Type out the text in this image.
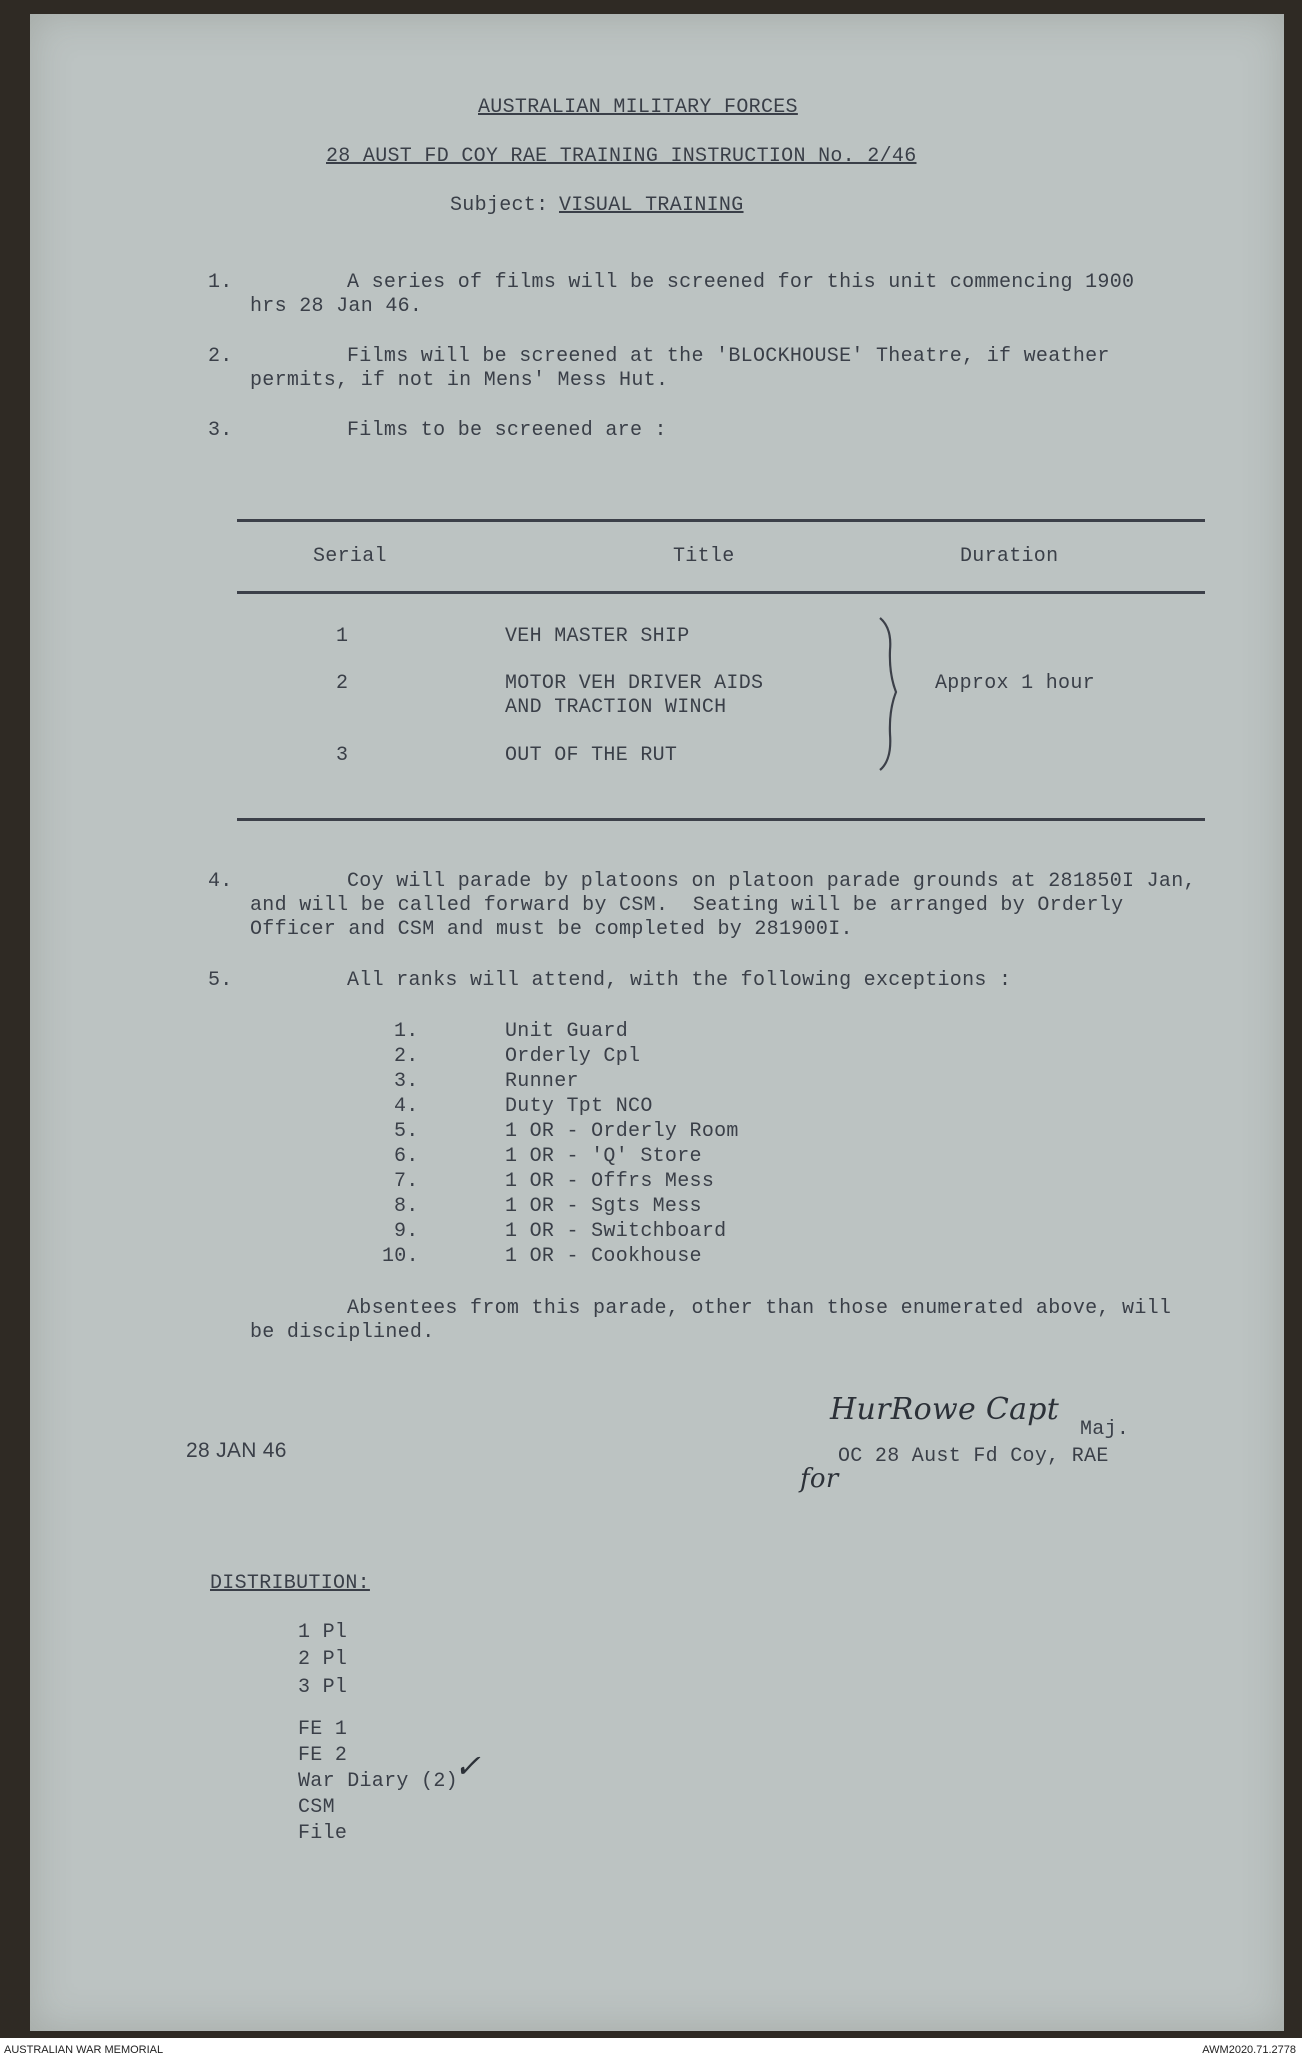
AUSTRALIAN MILITARY FORCES
28 AUST FD COY RAE TRAINING INSTRUCTION No. 2/46
Subject: VISUAL TRAINING
1.	A series of films will be screened for this unit commencing 1900
hrs 28 Jan 46.
2.	Films will be screened at the 'BLOCKHOUSE' Theatre, if weather
permits, if not in Mens' Mess Hut.
3.	Films to be screened are :
Serial	Title	Duration
1	VEH MASTER SHIP
2	MOTOR VEH DRIVER AIDS
AND TRACTION WINCH
3	OUT OF THE RUT
Approx 1 hour
4.	Coy will parade by platoons on platoon parade grounds at 281850I Jan,
and will be called forward by CSM.  Seating will be arranged by Orderly
Officer and CSM and must be completed by 281900I.
5.	All ranks will attend, with the following exceptions :
1.	Unit Guard
2.	Orderly Cpl
3.	Runner
4.	Duty Tpt NCO
5.	1 OR - Orderly Room
6.	1 OR - 'Q' Store
7.	1 OR - Offrs Mess
8.	1 OR - Sgts Mess
9.	1 OR - Switchboard
10.	1 OR - Cookhouse
Absentees from this parade, other than those enumerated above, will
be disciplined.
28 JAN 46
HurRowe Capt
Maj.
OC 28 Aust Fd Coy, RAE
for
DISTRIBUTION:
1 Pl
2 Pl
3 Pl
FE 1
FE 2
War Diary (2)
✓
CSM
File
AUSTRALIAN WAR MEMORIAL	AWM2020.71.2778
